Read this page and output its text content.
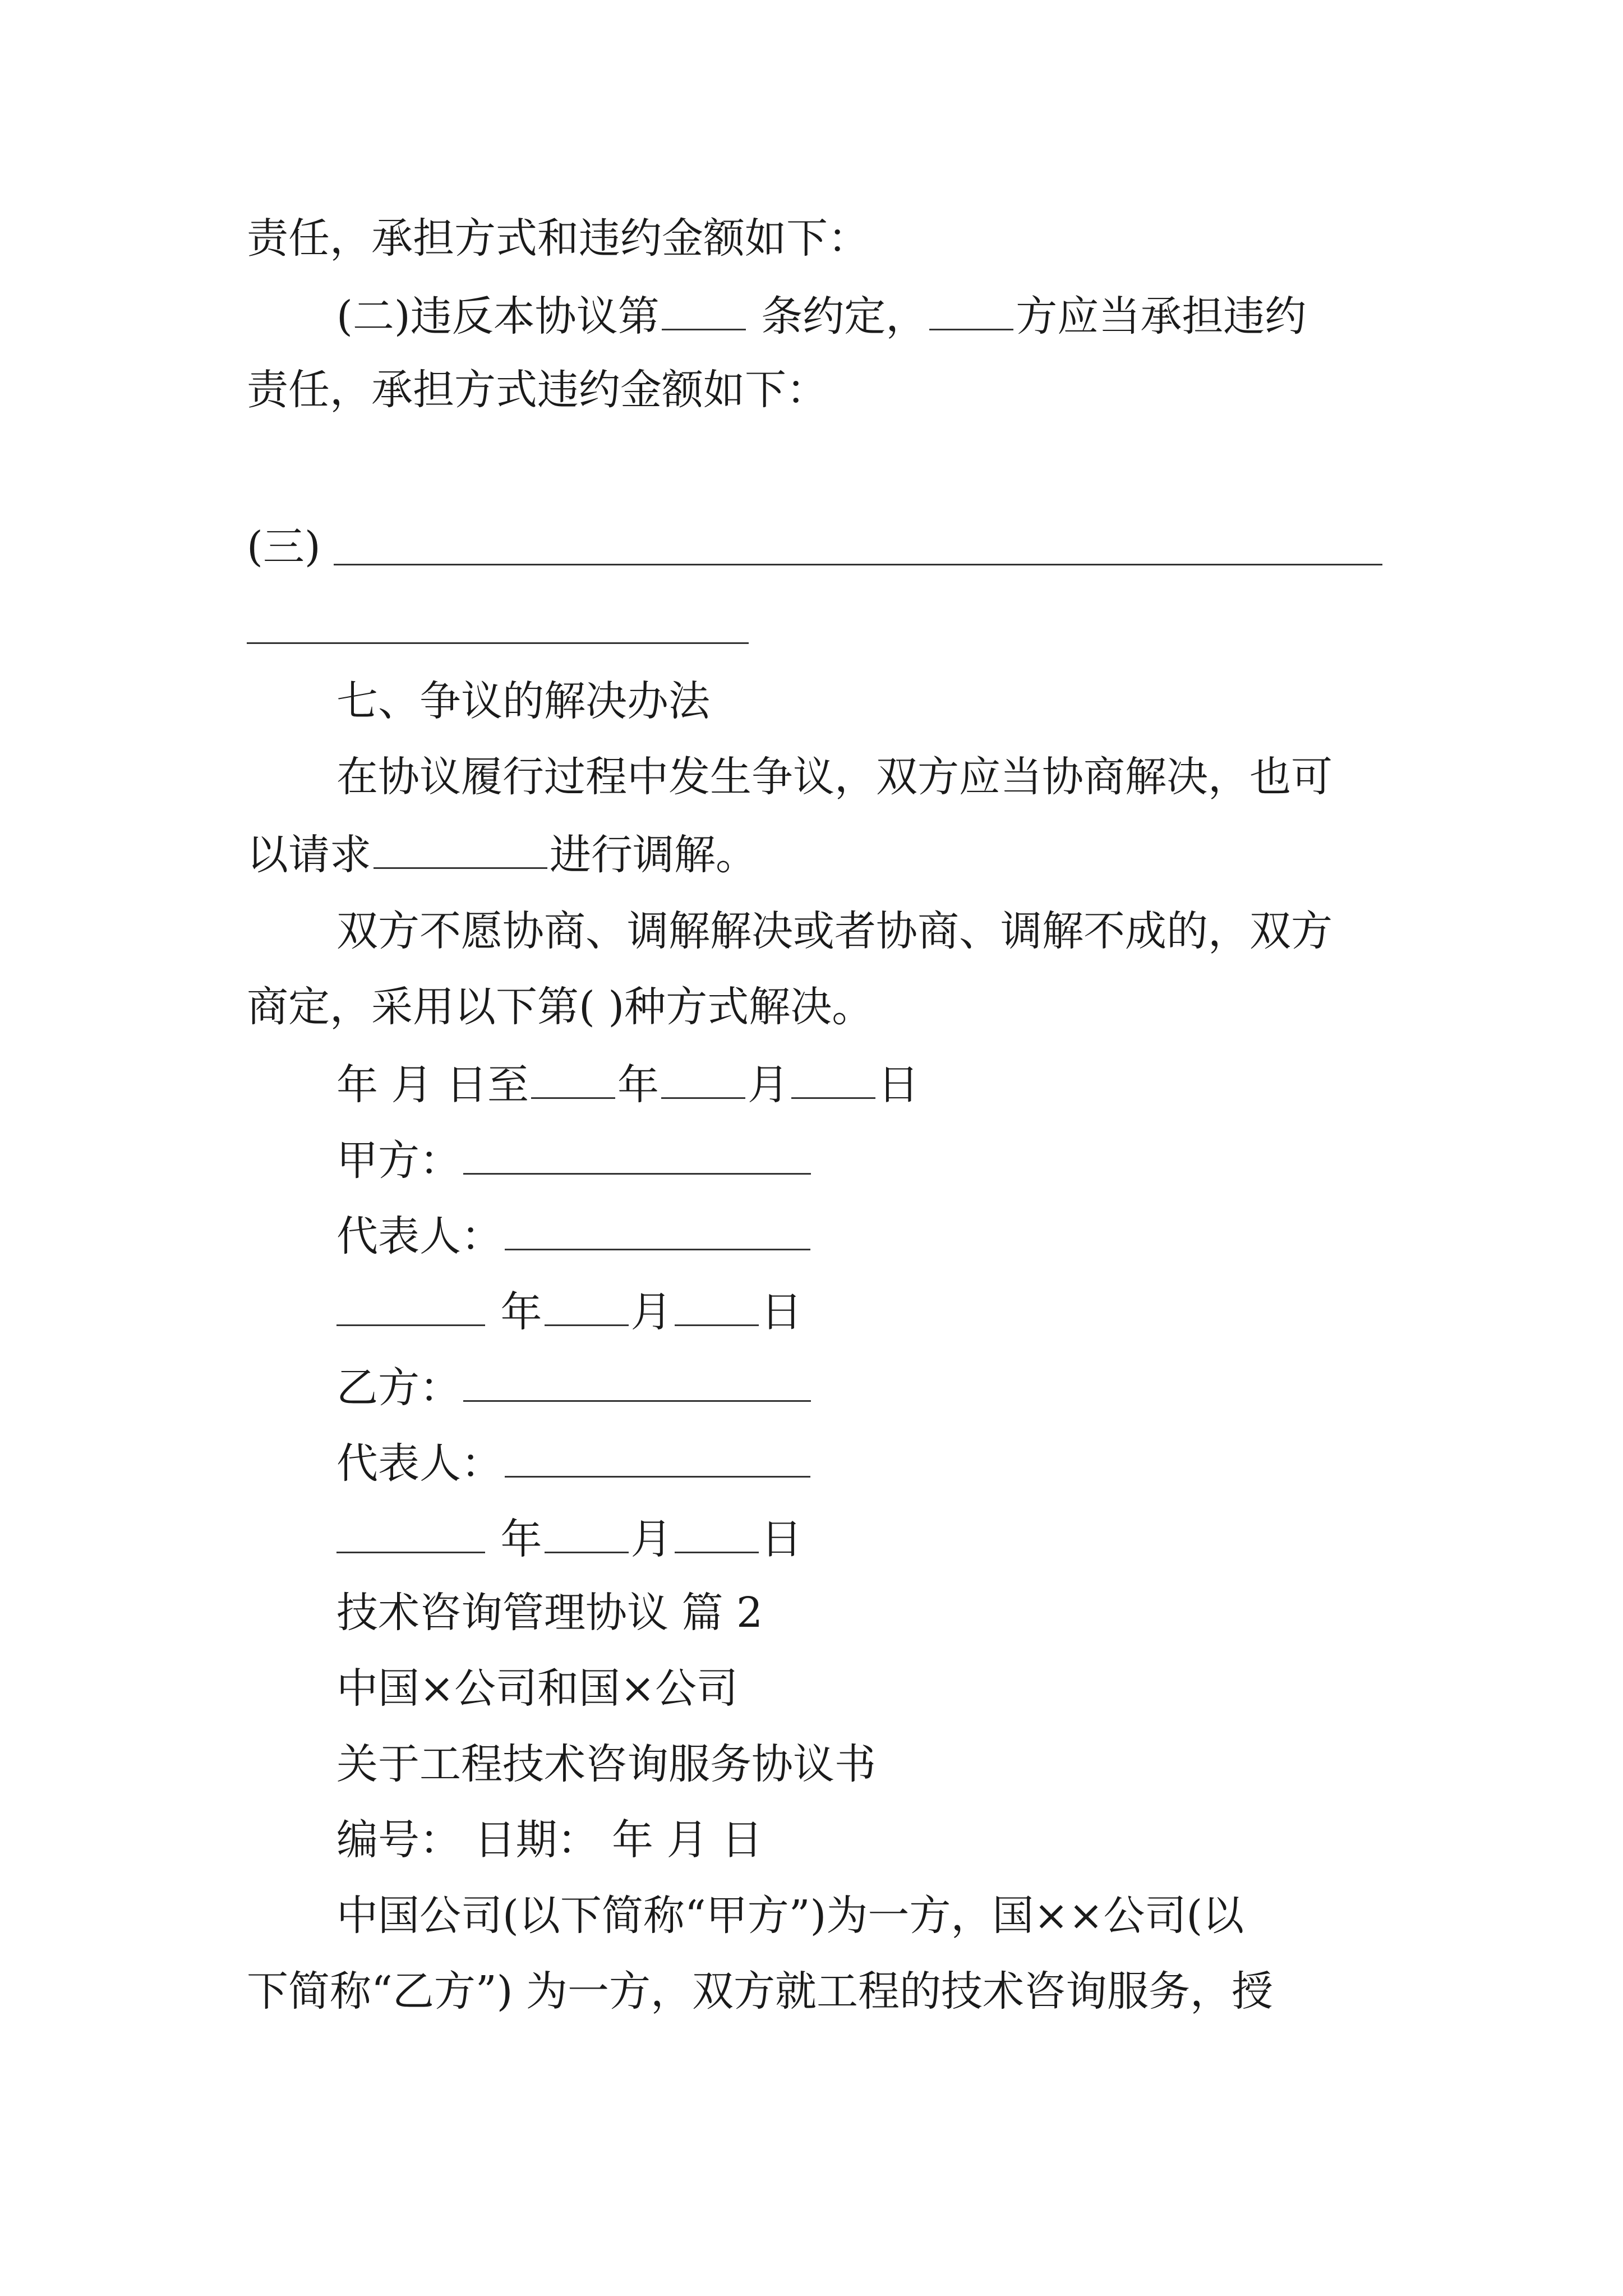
责任，承担方式和违约金额如下：
(二)违反本协议第 条约定， 方应当承担违约
责任，承担方式违约金额如下：
(三)
七、争议的解决办法
在协议履行过程中发生争议，双方应当协商解决，也可
以请求	进行调解。
双方不愿协商、调解解决或者协商、调解不成的，双方
商定，采用以下第( )种方式解决。
年 月 日至 年 月 日
甲方：
代表人：
年 月 日
乙方：
代表人：
年 月 日
技术咨询管理协议 篇 2
中国×公司和国×公司
关于工程技术咨询服务协议书
编号： 日期： 年 月 日
中国公司(以下简称“甲方”)为一方，国××公司(以
下简称“乙方”) 为一方，双方就工程的技术咨询服务，授
